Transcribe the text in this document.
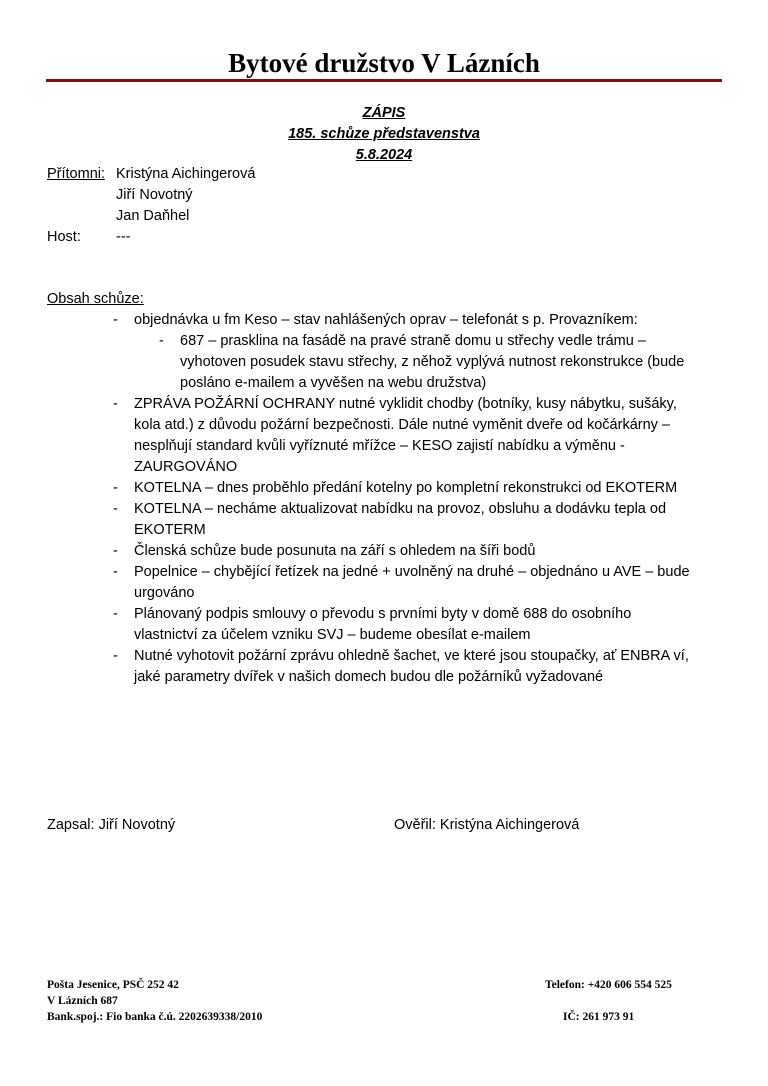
Bytové družstvo V Lázních
ZÁPIS
185. schůze představenstva
5.8.2024
Přítomni: Kristýna Aichingerová
Jiří Novotný
Jan Daňhel
Host: ---
Obsah schůze:
-	objednávka u fm Keso – stav nahlášených oprav – telefonát s p. Provazníkem:
-	687 – prasklina na fasádě na pravé straně domu u střechy vedle trámu –
vyhotoven posudek stavu střechy, z něhož vyplývá nutnost rekonstrukce (bude
posláno e-mailem a vyvěšen na webu družstva)
-	ZPRÁVA POŽÁRNÍ OCHRANY nutné vyklidit chodby (botníky, kusy nábytku, sušáky,
kola atd.) z důvodu požární bezpečnosti. Dále nutné vyměnit dveře od kočárkárny –
nesplňují standard kvůli vyříznuté mřížce – KESO zajistí nabídku a výměnu -
ZAURGOVÁNO
-	KOTELNA – dnes proběhlo předání kotelny po kompletní rekonstrukci od EKOTERM
-	KOTELNA – necháme aktualizovat nabídku na provoz, obsluhu a dodávku tepla od
EKOTERM
-	Členská schůze bude posunuta na září s ohledem na šíři bodů
-	Popelnice – chybějící řetízek na jedné + uvolněný na druhé – objednáno u AVE – bude
urgováno
-	Plánovaný podpis smlouvy o převodu s prvními byty v domě 688 do osobního
vlastnictví za účelem vzniku SVJ – budeme obesílat e-mailem
-	Nutné vyhotovit požární zprávu ohledně šachet, ve které jsou stoupačky, ať ENBRA ví,
jaké parametry dvířek v našich domech budou dle požárníků vyžadované
Zapsal: Jiří Novotný	Ověřil: Kristýna Aichingerová
Pošta Jesenice, PSČ 252 42
V Lázních 687
Bank.spoj.: Fio banka č.ú. 2202639338/2010
Telefon: +420 606 554 525
IČ: 261 973 91
